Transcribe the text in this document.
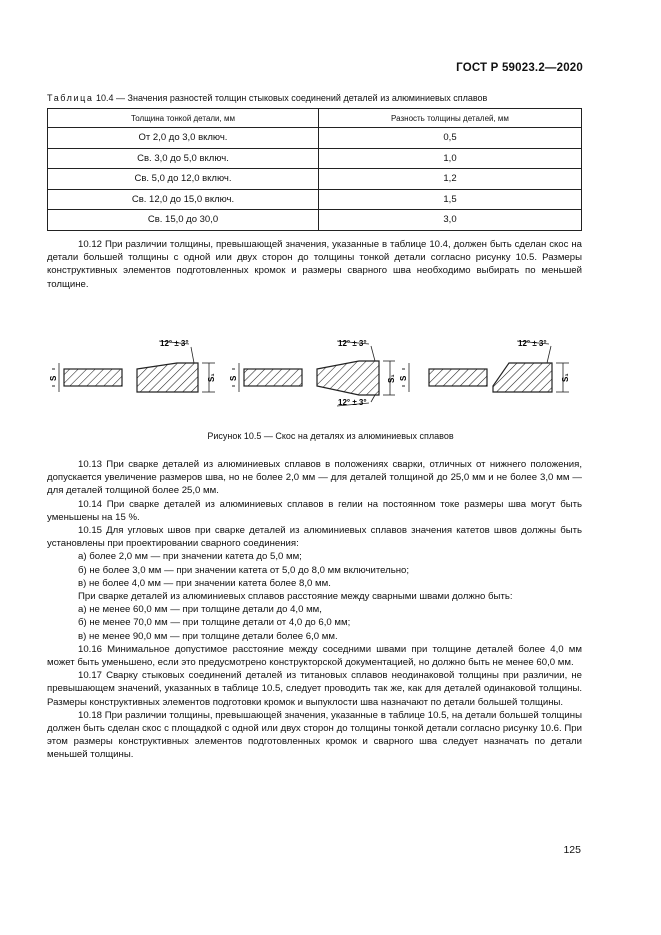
ГОСТ Р 59023.2—2020
Таблица 10.4 — Значения разностей толщин стыковых соединений деталей из алюминиевых сплавов
Толщина тонкой детали, мм	Разность толщины деталей, мм
От 2,0 до 3,0 включ.	0,5
Св. 3,0 до 5,0 включ.	1,0
Св. 5,0 до 12,0 включ.	1,2
Св. 12,0 до 15,0 включ.	1,5
Св. 15,0 до 30,0	3,0

10.12 При различии толщины, превышающей значения, указанные в таблице 10.4, должен быть сделан скос на детали большей толщины с одной или двух сторон до толщины тонкой детали согласно рисунку 10.5. Размеры конструктивных элементов подготовленных кромок и размеры сварного шва необходимо выбирать по меньшей толщине.

S
12° ± 3°
S₁ S
12° ± 3°
12° ± 3°
S₁ S
12° ± 3°
S₁
Рисунок 10.5 — Скос на деталях из алюминиевых сплавов

10.13 При сварке деталей из алюминиевых сплавов в положениях сварки, отличных от нижнего положения, допускается увеличение размеров шва, но не более 2,0 мм — для деталей толщиной до 25,0 мм и не более 3,0 мм — для деталей толщиной более 25,0 мм.

10.14 При сварке деталей из алюминиевых сплавов в гелии на постоянном токе размеры шва могут быть уменьшены на 15 %.

10.15 Для угловых швов при сварке деталей из алюминиевых сплавов значения катетов швов должны быть установлены при проектировании сварного соединения:

а) более 2,0 мм — при значении катета до 5,0 мм;

б) не более 3,0 мм — при значении катета от 5,0 до 8,0 мм включительно;

в) не более 4,0 мм — при значении катета более 8,0 мм.

При сварке деталей из алюминиевых сплавов расстояние между сварными швами должно быть:

а) не менее 60,0 мм — при толщине детали до 4,0 мм,

б) не менее 70,0 мм — при толщине детали от 4,0 до 6,0 мм;

в) не менее 90,0 мм — при толщине детали более 6,0 мм.

10.16 Минимальное допустимое расстояние между соседними швами при толщине деталей более 4,0 мм может быть уменьшено, если это предусмотрено конструкторской документацией, но должно быть не менее 60,0 мм.

10.17 Сварку стыковых соединений деталей из титановых сплавов неодинаковой толщины при различии, не превышающем значений, указанных в таблице 10.5, следует проводить так же, как для деталей одинаковой толщины. Размеры конструктивных элементов подготовки кромок и выпуклости шва назначают по детали большей толщины.

10.18 При различии толщины, превышающей значения, указанные в таблице 10.5, на детали большей толщины должен быть сделан скос с площадкой с одной или двух сторон до толщины тонкой детали согласно рисунку 10.6. При этом размеры конструктивных элементов подготовленных кромок и сварного шва следует назначать по детали меньшей толщины.

125
